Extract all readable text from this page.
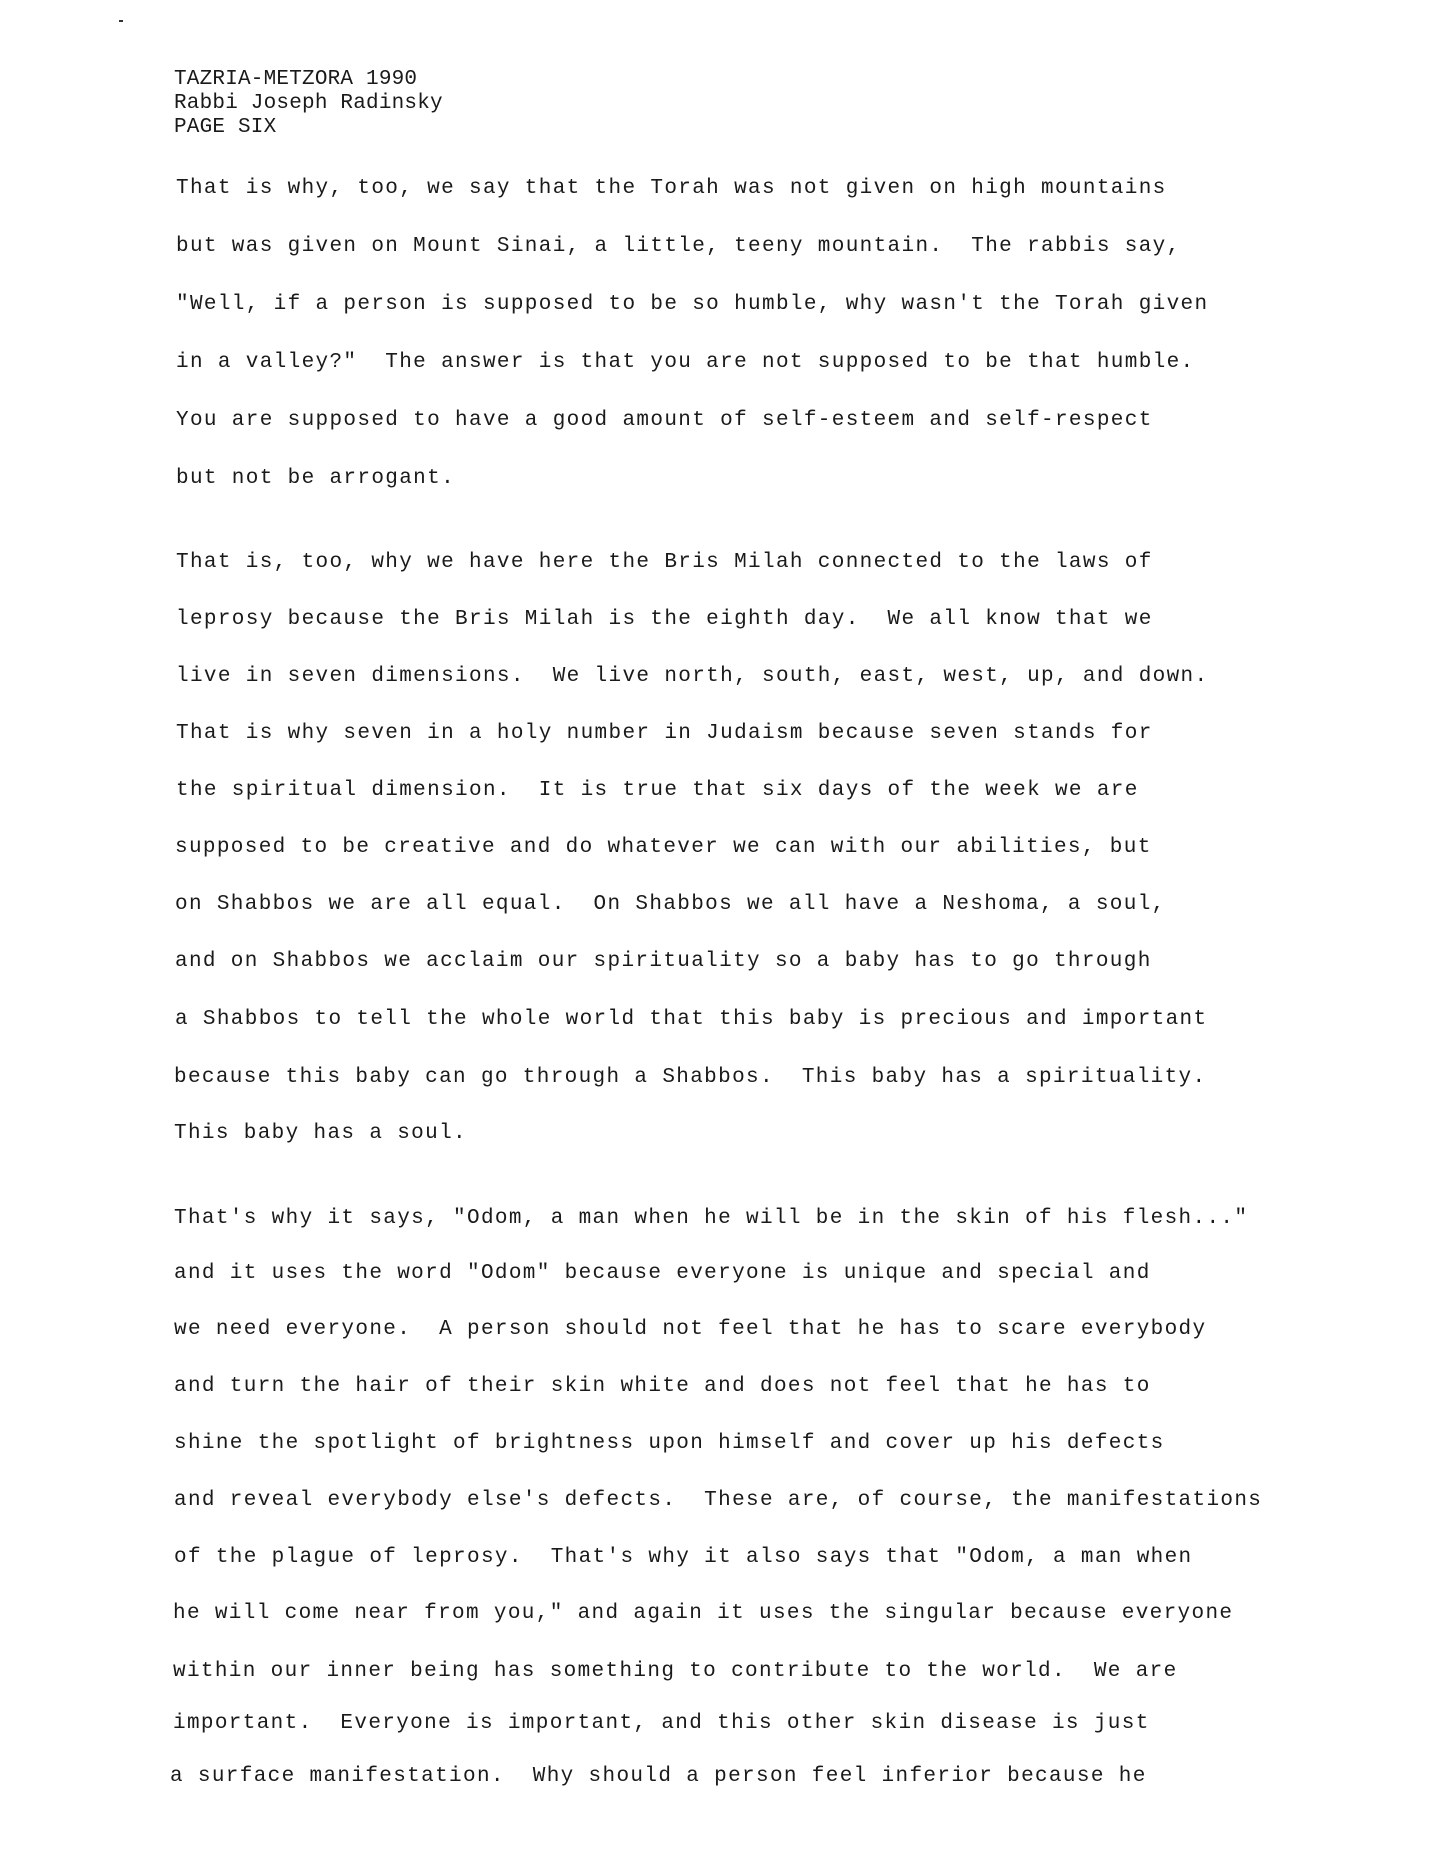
TAZRIA-METZORA 1990
Rabbi Joseph Radinsky
PAGE SIX
That is why, too, we say that the Torah was not given on high mountains
but was given on Mount Sinai, a little, teeny mountain.  The rabbis say,
"Well, if a person is supposed to be so humble, why wasn't the Torah given
in a valley?"  The answer is that you are not supposed to be that humble.
You are supposed to have a good amount of self-esteem and self-respect
but not be arrogant.
That is, too, why we have here the Bris Milah connected to the laws of
leprosy because the Bris Milah is the eighth day.  We all know that we
live in seven dimensions.  We live north, south, east, west, up, and down.
That is why seven in a holy number in Judaism because seven stands for
the spiritual dimension.  It is true that six days of the week we are
supposed to be creative and do whatever we can with our abilities, but
on Shabbos we are all equal.  On Shabbos we all have a Neshoma, a soul,
and on Shabbos we acclaim our spirituality so a baby has to go through
a Shabbos to tell the whole world that this baby is precious and important
because this baby can go through a Shabbos.  This baby has a spirituality.
This baby has a soul.
That's why it says, "Odom, a man when he will be in the skin of his flesh..."
and it uses the word "Odom" because everyone is unique and special and
we need everyone.  A person should not feel that he has to scare everybody
and turn the hair of their skin white and does not feel that he has to
shine the spotlight of brightness upon himself and cover up his defects
and reveal everybody else's defects.  These are, of course, the manifestations
of the plague of leprosy.  That's why it also says that "Odom, a man when
he will come near from you," and again it uses the singular because everyone
within our inner being has something to contribute to the world.  We are
important.  Everyone is important, and this other skin disease is just
a surface manifestation.  Why should a person feel inferior because he
